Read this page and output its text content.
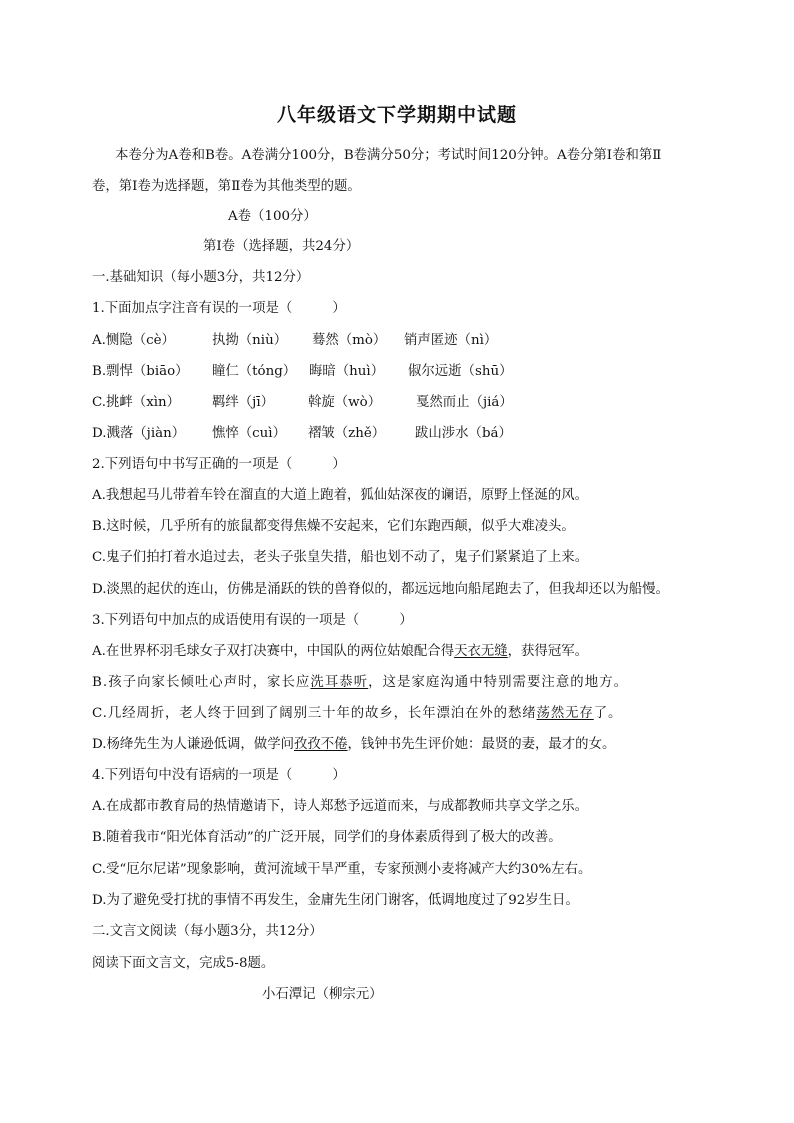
八年级语文下学期期中试题
本卷分为A卷和B卷。A卷满分100分，B卷满分50分；考试时间120分钟。A卷分第Ⅰ卷和第Ⅱ
卷，第Ⅰ卷为选择题，第Ⅱ卷为其他类型的题。
A卷（100分）
第Ⅰ卷（选择题，共24分）
一.基础知识（每小题3分，共12分）
1.下面加点字注音有误的一项是（　　　）
A.恻隐（cè）	执拗（niù） 蓦然（mò） 销声匿迹（nì）
B.剽悍（biāo） 瞳仁（tóng） 晦暗（huì） 俶尔远逝（shū）
C.挑衅（xìn） 羁绊（jī）	斡旋（wò）	戛然而止（jiá）
D.溅落（jiàn） 憔悴（cuì） 褶皱（zhě） 跋山涉水（bá）
2.下列语句中书写正确的一项是（　　　）
A.我想起马儿带着车铃在溜直的大道上跑着，狐仙姑深夜的谰语，原野上怪涎的风。
B.这时候，几乎所有的旅鼠都变得焦燥不安起来，它们东跑西颠，似乎大难凌头。
C.鬼子们拍打着水追过去，老头子张皇失措，船也划不动了，鬼子们紧紧追了上来。
D.淡黑的起伏的连山，仿佛是涌跃的铁的兽脊似的，都远远地向船尾跑去了，但我却还以为船慢。
3.下列语句中加点的成语使用有误的一项是（　　　）
A.在世界杯羽毛球女子双打决赛中，中国队的两位姑娘配合得天衣无缝，获得冠军。
B.孩子向家长倾吐心声时，家长应洗耳恭听，这是家庭沟通中特别需要注意的地方。
C.几经周折，老人终于回到了阔别三十年的故乡，长年漂泊在外的愁绪荡然无存了。
D.杨绛先生为人谦逊低调，做学问孜孜不倦，钱钟书先生评价她：最贤的妻，最才的女。
4.下列语句中没有语病的一项是（　　　）
A.在成都市教育局的热情邀请下，诗人郑愁予远道而来，与成都教师共享文学之乐。
B.随着我市“阳光体育活动”的广泛开展，同学们的身体素质得到了极大的改善。
C.受“厄尔尼诺”现象影响，黄河流域干旱严重，专家预测小麦将减产大约30%左右。
D.为了避免受打扰的事情不再发生，金庸先生闭门谢客，低调地度过了92岁生日。
二.文言文阅读（每小题3分，共12分）
阅读下面文言文，完成5-8题。
小石潭记（柳宗元）
